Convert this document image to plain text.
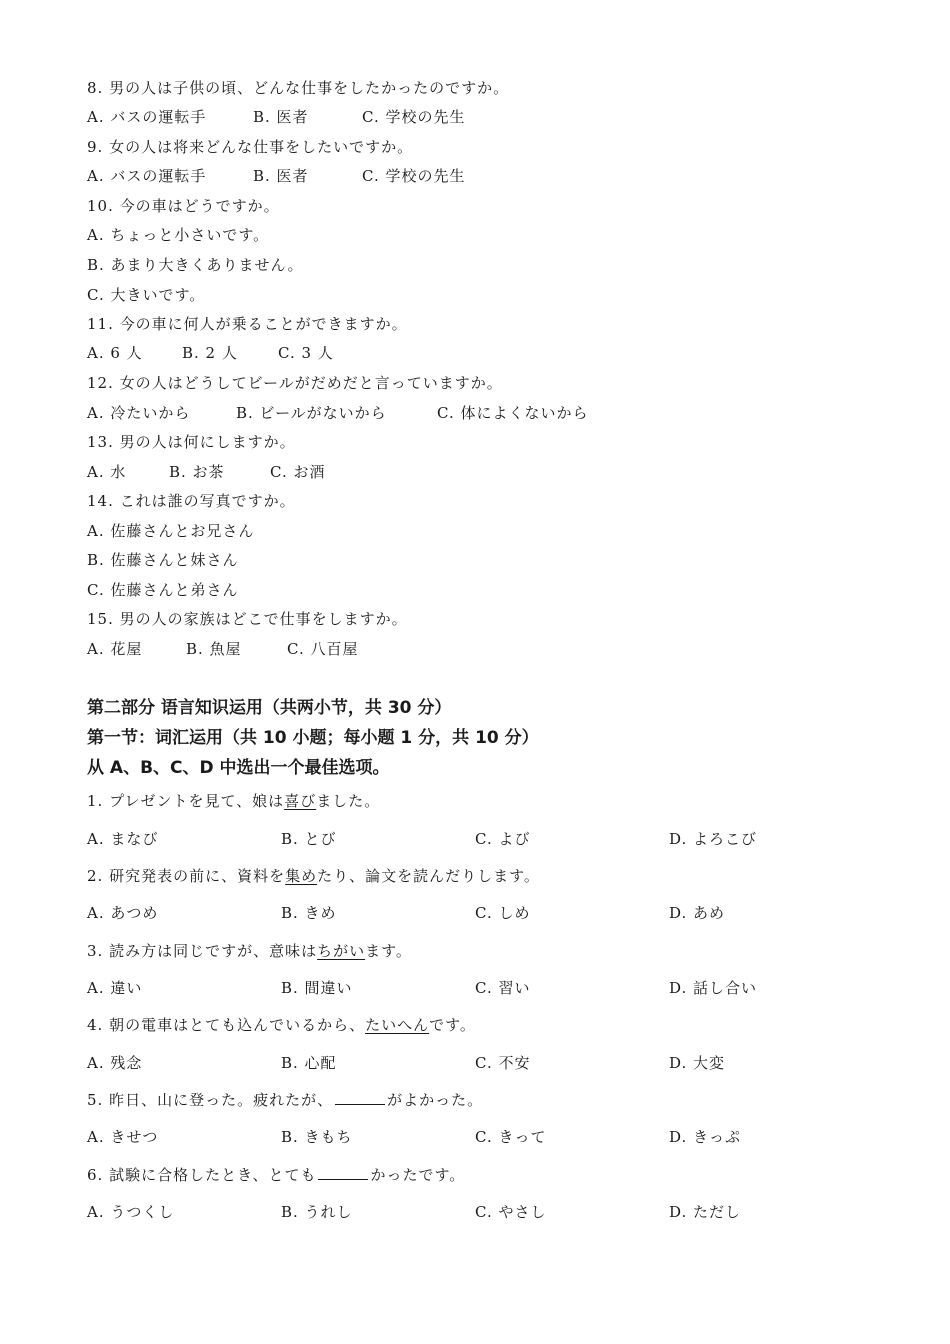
8. 男の人は子供の頃、どんな仕事をしたかったのですか。
A. バスの運転手	B. 医者	C. 学校の先生
9. 女の人は将来どんな仕事をしたいですか。
A. バスの運転手	B. 医者	C. 学校の先生
10. 今の車はどうですか。
A. ちょっと小さいです。
B. あまり大きくありません。
C. 大きいです。
11. 今の車に何人が乗ることができますか。
A. 6 人	B. 2 人	C. 3 人
12. 女の人はどうしてビールがだめだと言っていますか。
A. 冷たいから	B. ビールがないから	C. 体によくないから
13. 男の人は何にしますか。
A. 水	B. お茶	C. お酒
14. これは誰の写真ですか。
A. 佐藤さんとお兄さん
B. 佐藤さんと妹さん
C. 佐藤さんと弟さん
15. 男の人の家族はどこで仕事をしますか。
A. 花屋	B. 魚屋	C. 八百屋
第二部分 语言知识运用（共两小节，共 30 分）
第一节：词汇运用（共 10 小题；每小题 1 分，共 10 分）
从 A、B、C、D 中选出一个最佳选项。
1. プレゼントを見て、娘は喜びました。
A. まなび	B. とび	C. よび	D. よろこび
2. 研究発表の前に、資料を集めたり、論文を読んだりします。
A. あつめ	B. きめ	C. しめ	D. あめ
3. 読み方は同じですが、意味はちがいます。
A. 違い	B. 間違い	C. 習い	D. 話し合い
4. 朝の電車はとても込んでいるから、たいへんです。
A. 残念	B. 心配	C. 不安	D. 大変
5. 昨日、山に登った。疲れたが、	がよかった。
A. きせつ	B. きもち	C. きって	D. きっぷ
6. 試験に合格したとき、とても	かったです。
A. うつくし	B. うれし	C. やさし	D. ただし
